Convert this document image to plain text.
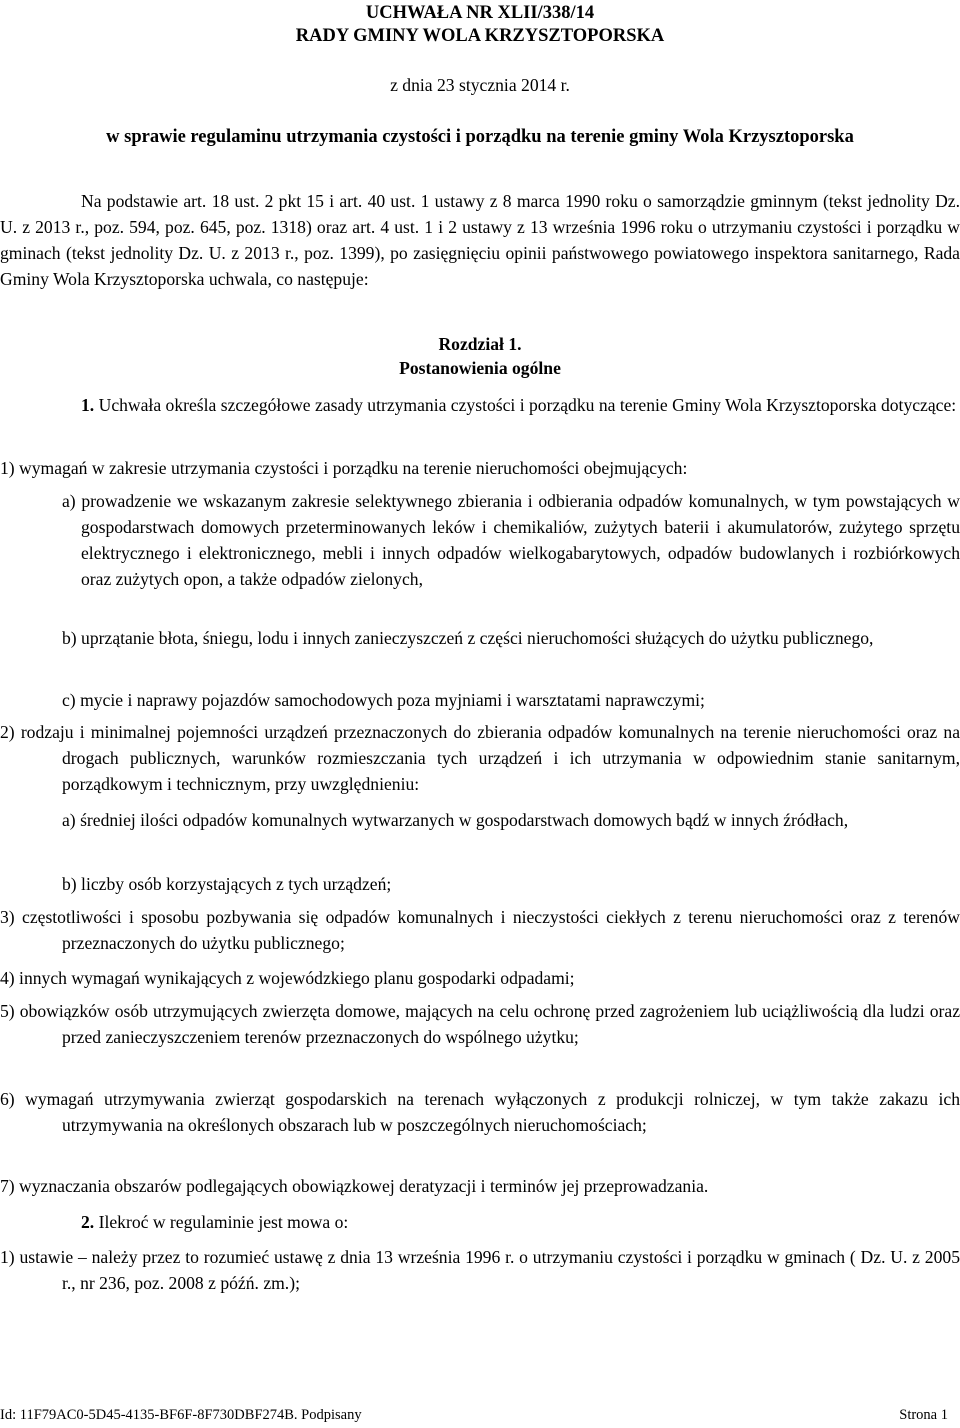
UCHWAŁA NR XLII/338/14
RADY GMINY WOLA KRZYSZTOPORSKA
z dnia 23 stycznia 2014 r.
w sprawie regulaminu utrzymania czystości i porządku na terenie gminy Wola Krzysztoporska
Na podstawie art. 18 ust. 2 pkt 15 i art. 40 ust. 1 ustawy z 8 marca 1990 roku o samorządzie gminnym (tekst jednolity Dz. U. z 2013 r., poz. 594, poz. 645, poz. 1318) oraz art. 4 ust. 1 i 2 ustawy z 13 września 1996 roku o utrzymaniu czystości i porządku w gminach (tekst jednolity Dz. U. z 2013 r., poz. 1399), po zasięgnięciu opinii państwowego powiatowego inspektora sanitarnego, Rada Gminy Wola Krzysztoporska uchwala, co następuje:
Rozdział 1.
Postanowienia ogólne
1. Uchwała określa szczegółowe zasady utrzymania czystości i porządku na terenie Gminy Wola Krzysztoporska dotyczące:
1) wymagań w zakresie utrzymania czystości i porządku na terenie nieruchomości obejmujących:
a) prowadzenie we wskazanym zakresie selektywnego zbierania i odbierania odpadów komunalnych, w tym powstających w gospodarstwach domowych przeterminowanych leków i chemikaliów, zużytych baterii i akumulatorów, zużytego sprzętu elektrycznego i elektronicznego, mebli i innych odpadów wielkogabarytowych, odpadów budowlanych i rozbiórkowych oraz zużytych opon, a także odpadów zielonych,
b) uprzątanie błota, śniegu, lodu i innych zanieczyszczeń z części nieruchomości służących do użytku publicznego,
c) mycie i naprawy pojazdów samochodowych poza myjniami i warsztatami naprawczymi;
2) rodzaju i minimalnej pojemności urządzeń przeznaczonych do zbierania odpadów komunalnych na terenie nieruchomości oraz na drogach publicznych, warunków rozmieszczania tych urządzeń i ich utrzymania w odpowiednim stanie sanitarnym, porządkowym i technicznym, przy uwzględnieniu:
a) średniej ilości odpadów komunalnych wytwarzanych w gospodarstwach domowych bądź w innych źródłach,
b) liczby osób korzystających z tych urządzeń;
3) częstotliwości i sposobu pozbywania się odpadów komunalnych i nieczystości ciekłych z terenu nieruchomości oraz z terenów przeznaczonych do użytku publicznego;
4) innych wymagań wynikających z wojewódzkiego planu gospodarki odpadami;
5) obowiązków osób utrzymujących zwierzęta domowe, mających na celu ochronę przed zagrożeniem lub uciążliwością dla ludzi oraz przed zanieczyszczeniem terenów przeznaczonych do wspólnego użytku;
6) wymagań utrzymywania zwierząt gospodarskich na terenach wyłączonych z produkcji rolniczej, w tym także zakazu ich utrzymywania na określonych obszarach lub w poszczególnych nieruchomościach;
7) wyznaczania obszarów podlegających obowiązkowej deratyzacji i terminów jej przeprowadzania.
2. Ilekroć w regulaminie jest mowa o:
1) ustawie – należy przez to rozumieć ustawę z dnia 13 września 1996 r. o utrzymaniu czystości i porządku w gminach ( Dz. U. z 2005 r., nr 236, poz. 2008 z późń. zm.);
Id: 11F79AC0-5D45-4135-BF6F-8F730DBF274B. Podpisany	Strona 1
